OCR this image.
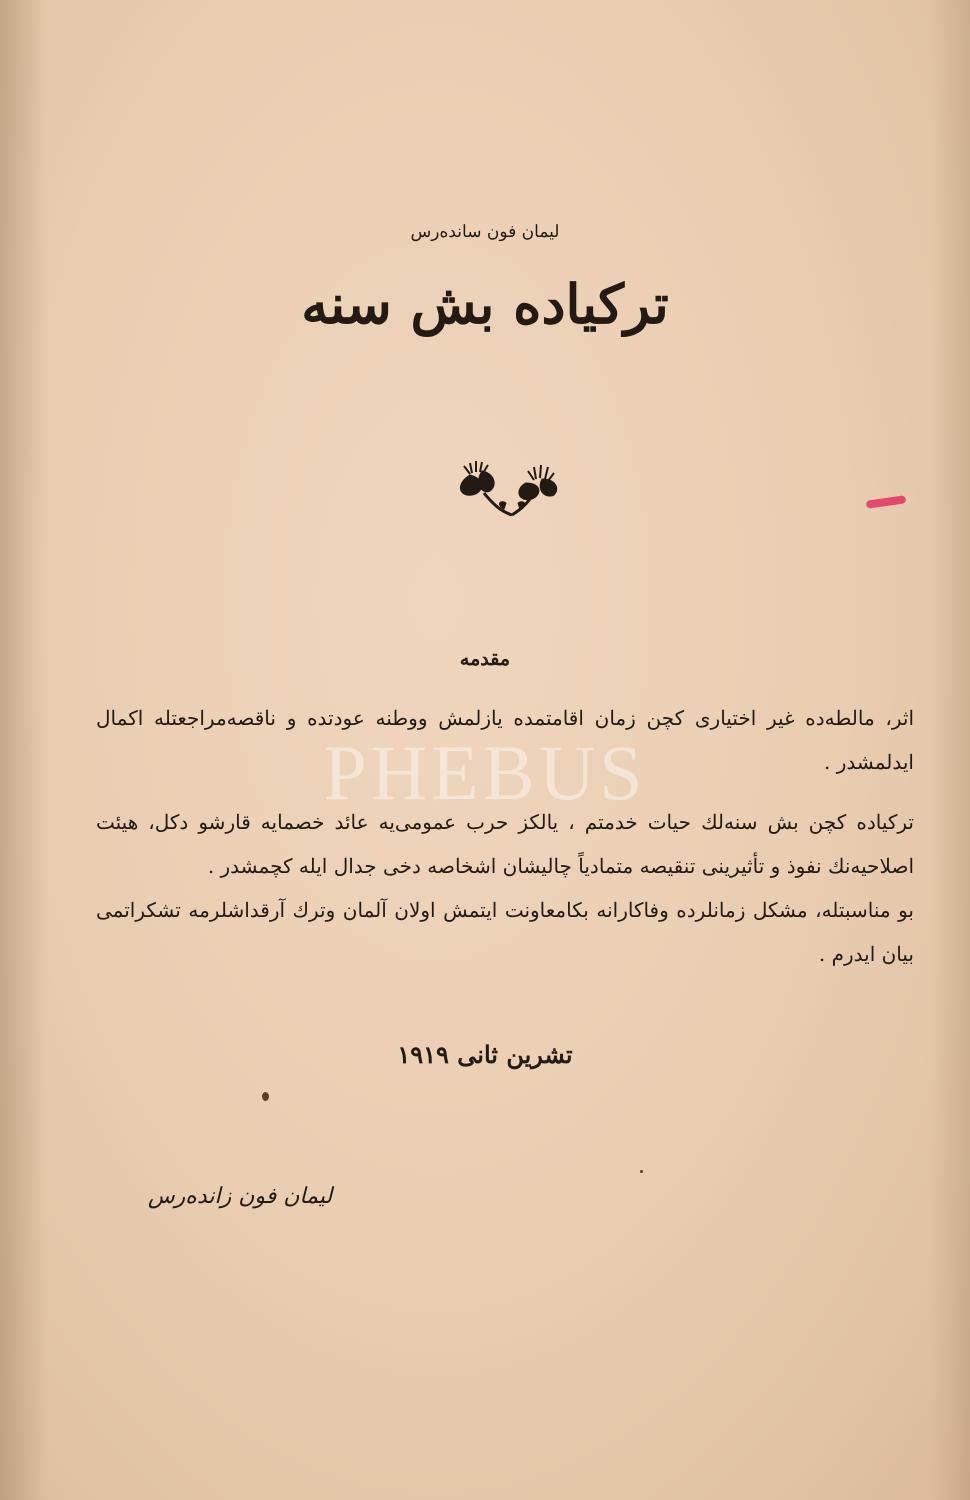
ليمان فون سانده‌رس
تركياده بش سنه
مقدمه
اثر، مالطه‌ده غير اختيارى كچن زمان اقامتمده يازلمش ووطنه عودتده و ناقصه‌مراجعتله اكمال ايدلمشدر .
تركياده كچن بش سنه‌لك حيات خدمتم ، يالكز حرب عمومى‌يه عائد خصمايه قارشو دكل، هيئت اصلاحيه‌نك نفوذ و تأثيرينى تنقيصه متمادياً چاليشان اشخاصه دخى جدال ايله كچمشدر .
بو مناسبتله، مشكل زمانلرده وفاكارانه بكامعاونت ايتمش اولان آلمان وترك آرقداشلرمه تشكراتمى بيان ايدرم .
تشرين ثانى ١٩١٩
ليمان فون زانده‌رس
PHEBUS
